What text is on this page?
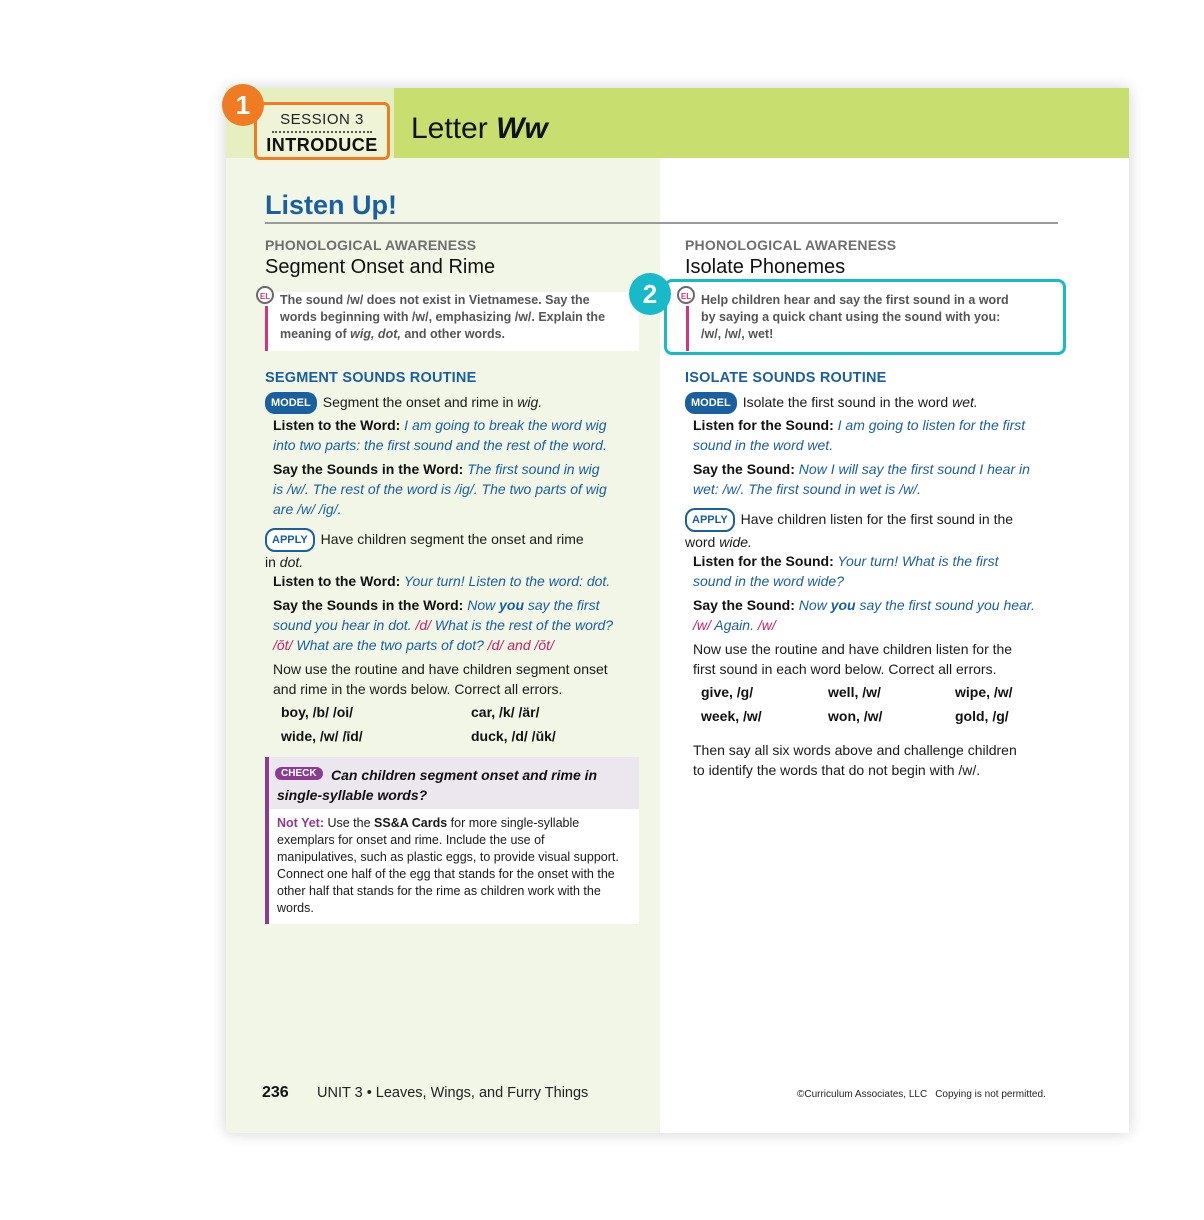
SESSION 3
INTRODUCE
1
Letter Ww
Listen Up!
PHONOLOGICAL AWARENESS
Segment Onset and Rime
EL The sound /w/ does not exist in Vietnamese. Say the
words beginning with /w/, emphasizing /w/. Explain the
meaning of wig, dot, and other words.
SEGMENT SOUNDS ROUTINE
MODEL Segment the onset and rime in wig.
Listen to the Word: I am going to break the word wig
into two parts: the first sound and the rest of the word.
Say the Sounds in the Word: The first sound in wig
is /w/. The rest of the word is /ig/. The two parts of wig
are /w/ /ig/.
APPLY Have children segment the onset and rime
in dot.
Listen to the Word: Your turn! Listen to the word: dot.
Say the Sounds in the Word: Now you say the first
sound you hear in dot. /d/ What is the rest of the word?
/ŏt/ What are the two parts of dot? /d/ and /ŏt/
Now use the routine and have children segment onset
and rime in the words below. Correct all errors.
boy, /b/ /oi/	car, /k/ /är/
wide, /w/ /īd/	duck, /d/ /ŭk/
Can children segment onset and rime in single-syllable words?
CHECK
Not Yet: Use the SS&A Cards for more single-syllable exemplars for onset and rime. Include the use of manipulatives, such as plastic eggs, to provide visual support. Connect one half of the egg that stands for the onset with the other half that stands for the rime as children work with the words.
PHONOLOGICAL AWARENESS
Isolate Phonemes
EL Help children hear and say the first sound in a word
by saying a quick chant using the sound with you:
/w/, /w/, wet!
2
ISOLATE SOUNDS ROUTINE
MODEL Isolate the first sound in the word wet.
Listen for the Sound: I am going to listen for the first
sound in the word wet.
Say the Sound: Now I will say the first sound I hear in
wet: /w/. The first sound in wet is /w/.
APPLY Have children listen for the first sound in the
word wide.
Listen for the Sound: Your turn! What is the first
sound in the word wide?
Say the Sound: Now you say the first sound you hear.
/w/ Again. /w/
Now use the routine and have children listen for the
first sound in each word below. Correct all errors.
give, /g/	well, /w/	wipe, /w/
week, /w/	won, /w/	gold, /g/
Then say all six words above and challenge children
to identify the words that do not begin with /w/.
236 UNIT 3 • Leaves, Wings, and Furry Things	©Curriculum Associates, LLC Copying is not permitted.
